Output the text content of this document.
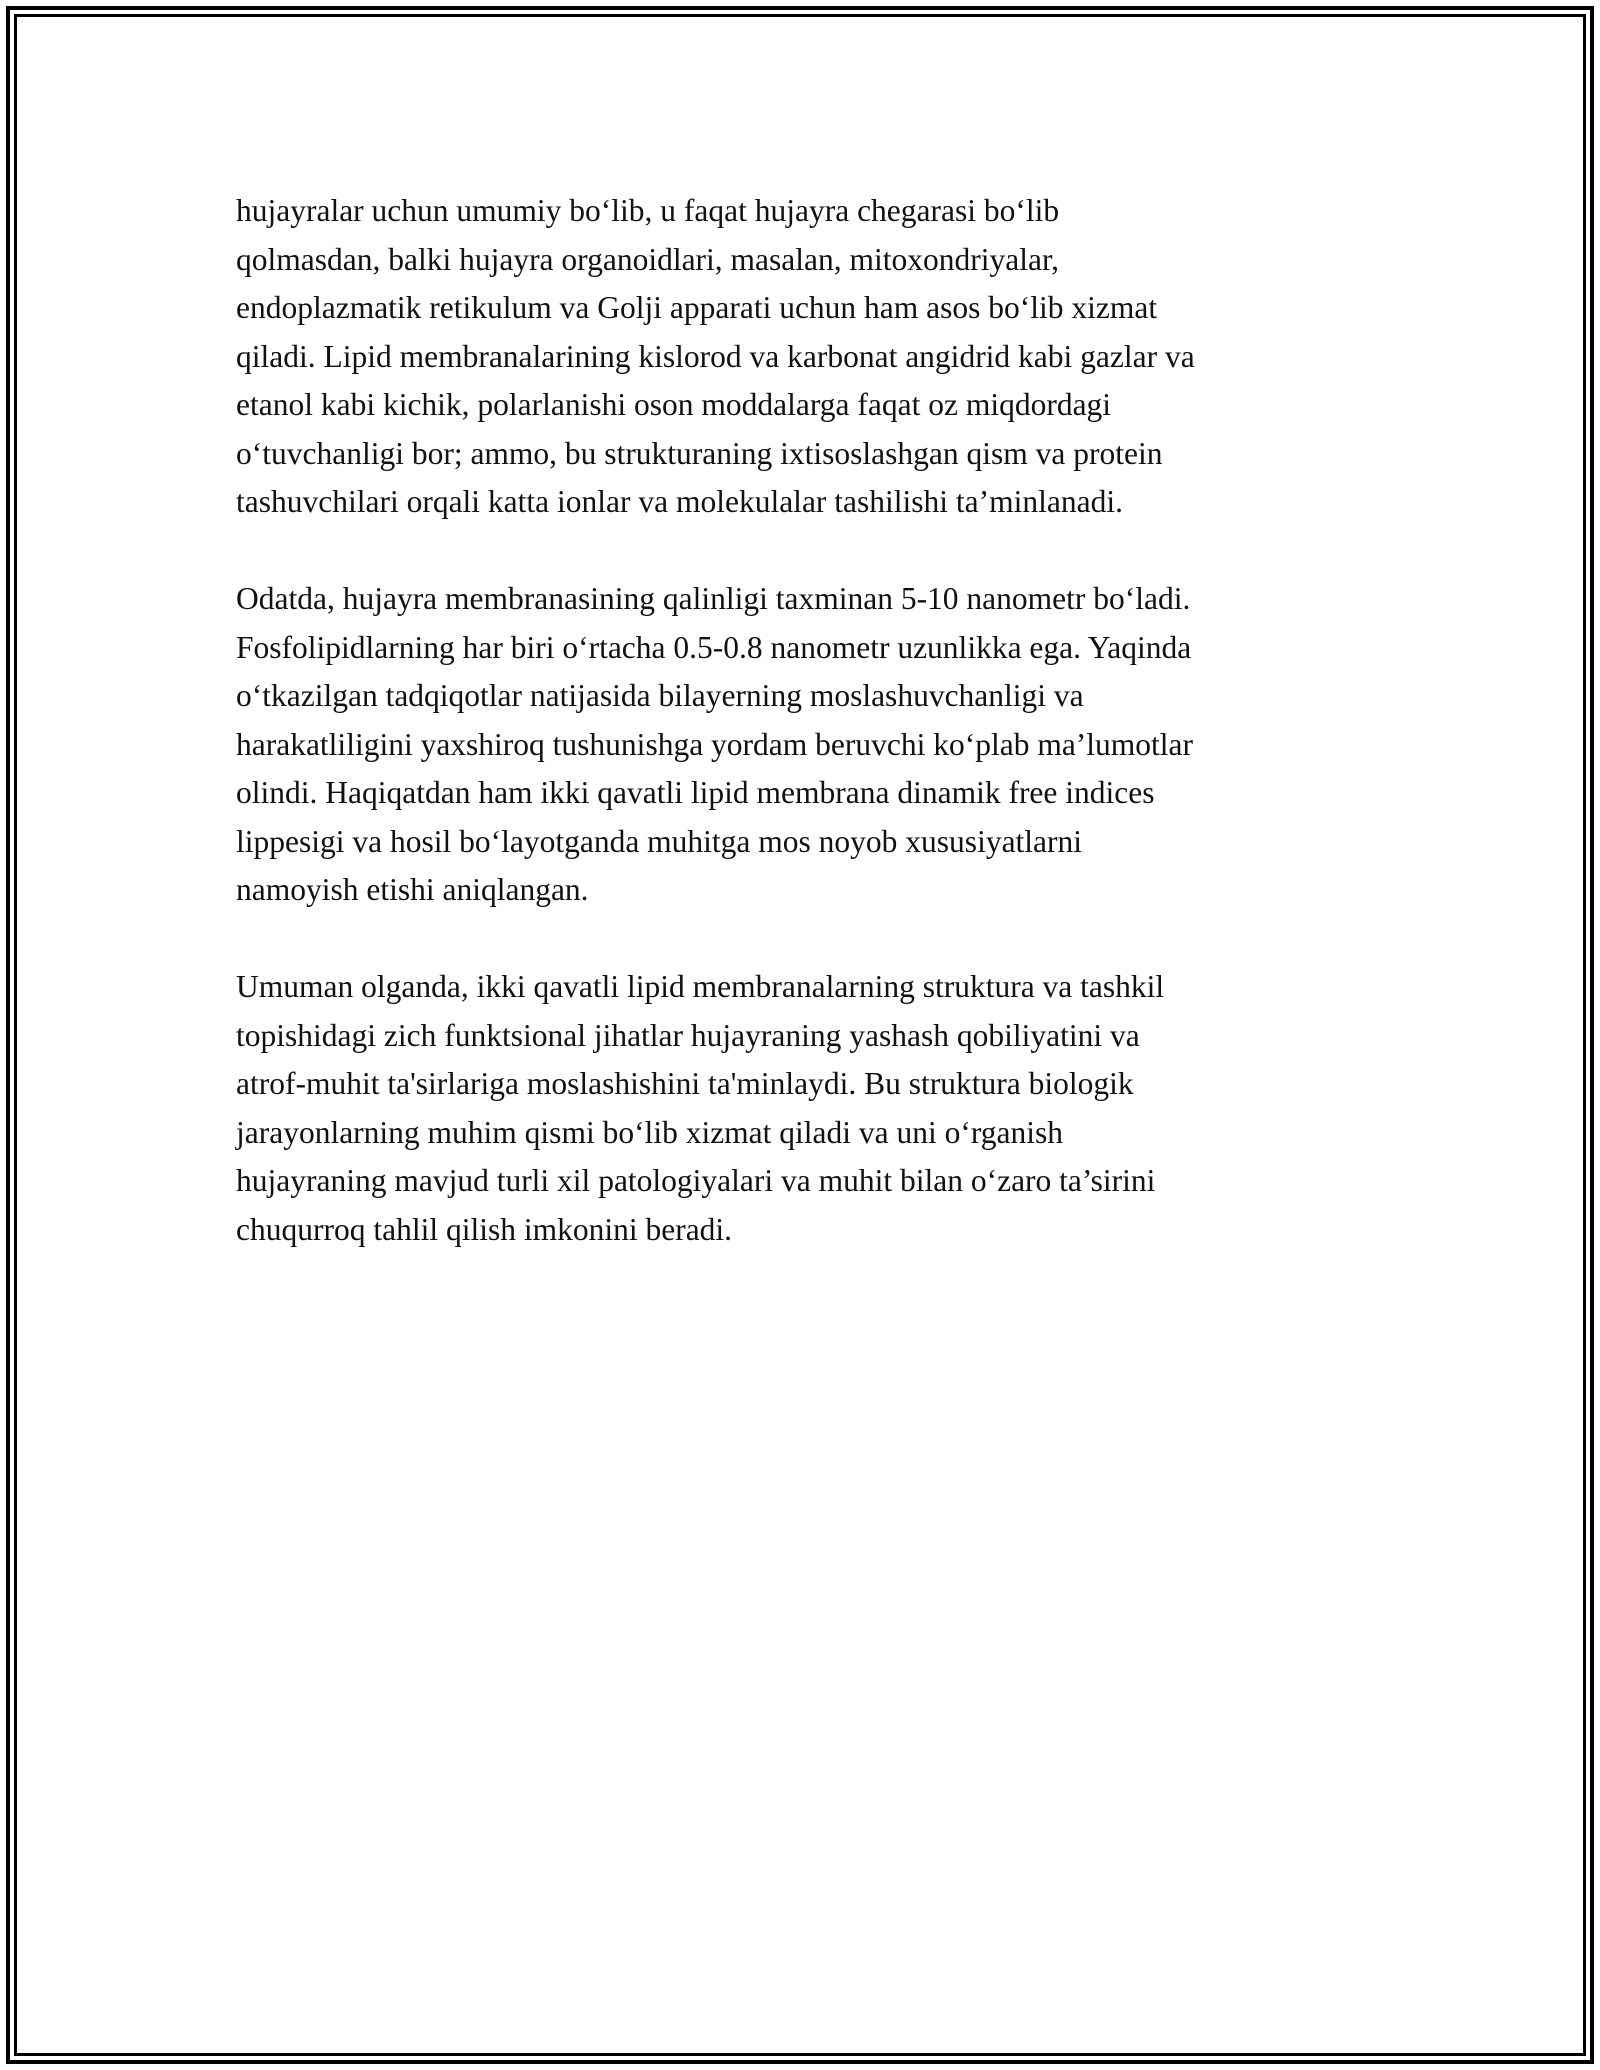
hujayralar uchun umumiy bo‘lib, u faqat hujayra chegarasi bo‘lib
qolmasdan, balki hujayra organoidlari, masalan, mitoxondriyalar,
endoplazmatik retikulum va Golji apparati uchun ham asos bo‘lib xizmat
qiladi. Lipid membranalarining kislorod va karbonat angidrid kabi gazlar va
etanol kabi kichik, polarlanishi oson moddalarga faqat oz miqdordagi
o‘tuvchanligi bor; ammo, bu strukturaning ixtisoslashgan qism va protein
tashuvchilari orqali katta ionlar va molekulalar tashilishi ta’minlanadi.

Odatda, hujayra membranasining qalinligi taxminan 5-10 nanometr bo‘ladi.
Fosfolipidlarning har biri o‘rtacha 0.5-0.8 nanometr uzunlikka ega. Yaqinda
o‘tkazilgan tadqiqotlar natijasida bilayerning moslashuvchanligi va
harakatliligini yaxshiroq tushunishga yordam beruvchi ko‘plab ma’lumotlar
olindi. Haqiqatdan ham ikki qavatli lipid membrana dinamik free indices
lippesigi va hosil bo‘layotganda muhitga mos noyob xususiyatlarni
namoyish etishi aniqlangan.

Umuman olganda, ikki qavatli lipid membranalarning struktura va tashkil
topishidagi zich funktsional jihatlar hujayraning yashash qobiliyatini va
atrof-muhit ta'sirlariga moslashishini ta'minlaydi. Bu struktura biologik
jarayonlarning muhim qismi bo‘lib xizmat qiladi va uni o‘rganish
hujayraning mavjud turli xil patologiyalari va muhit bilan o‘zaro ta’sirini
chuqurroq tahlil qilish imkonini beradi.
